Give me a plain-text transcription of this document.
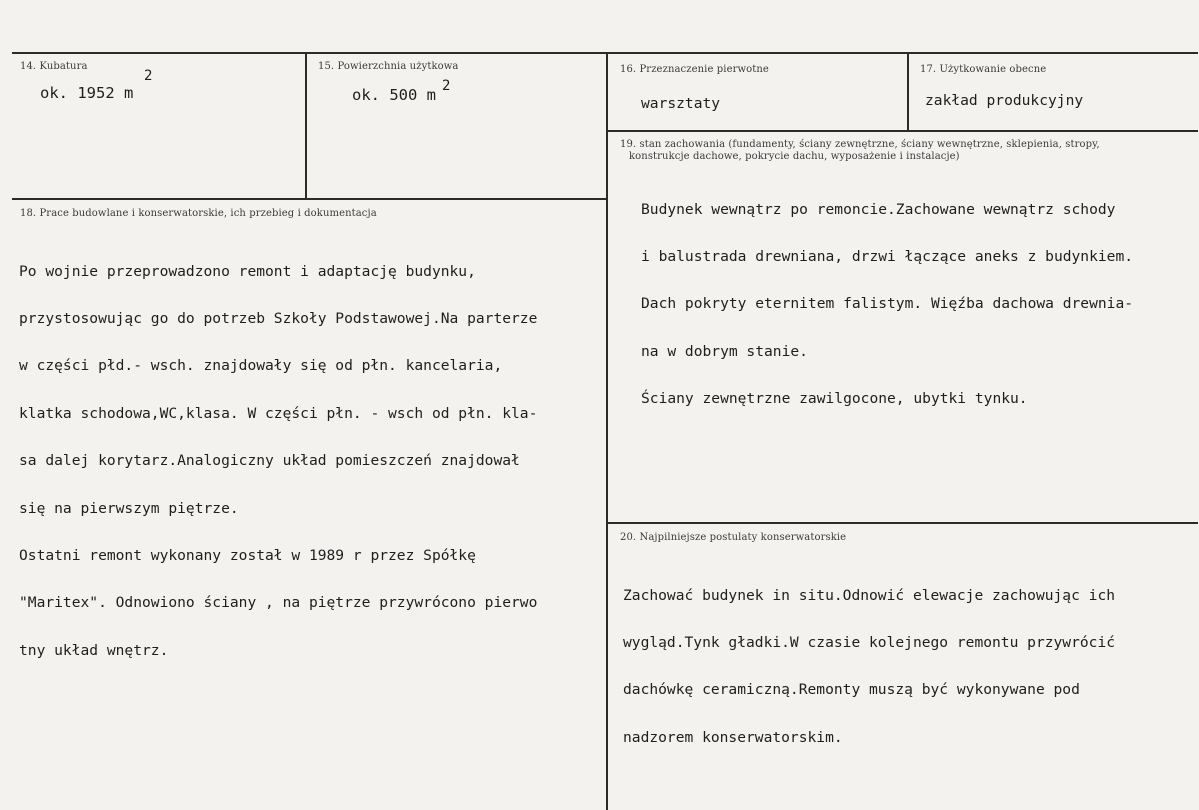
14. Kubatura
ok. 1952 m
2
15. Powierzchnia użytkowa
ok. 500 m 2
16. Przeznaczenie pierwotne
warsztaty
17. Użytkowanie obecne
zakład produkcyjny
18. Prace budowlane i konserwatorskie, ich przebieg i dokumentacja

Po wojnie przeprowadzono remont i adaptację budynku,

przystosowując go do potrzeb Szkoły Podstawowej.Na parterze

w części płd.- wsch. znajdowały się od płn. kancelaria,

klatka schodowa,WC,klasa. W części płn. - wsch od płn. kla-

sa dalej korytarz.Analogiczny układ pomieszczeń znajdował

się na pierwszym piętrze.

Ostatni remont wykonany został w 1989 r przez Spółkę

"Maritex". Odnowiono ściany , na piętrze przywrócono pierwo

tny układ wnętrz.

19. stan zachowania (fundamenty, ściany zewnętrzne, ściany wewnętrzne, sklepienia, stropy,
konstrukcje dachowe, pokrycie dachu, wyposażenie i instalacje)

Budynek wewnątrz po remoncie.Zachowane wewnątrz schody

i balustrada drewniana, drzwi łączące aneks z budynkiem.

Dach pokryty eternitem falistym. Więźba dachowa drewnia-

na w dobrym stanie.

Ściany zewnętrzne zawilgocone, ubytki tynku.

20. Najpilniejsze postulaty konserwatorskie

Zachować budynek in situ.Odnowić elewacje zachowując ich

wygląd.Tynk gładki.W czasie kolejnego remontu przywrócić

dachówkę ceramiczną.Remonty muszą być wykonywane pod

nadzorem konserwatorskim.
